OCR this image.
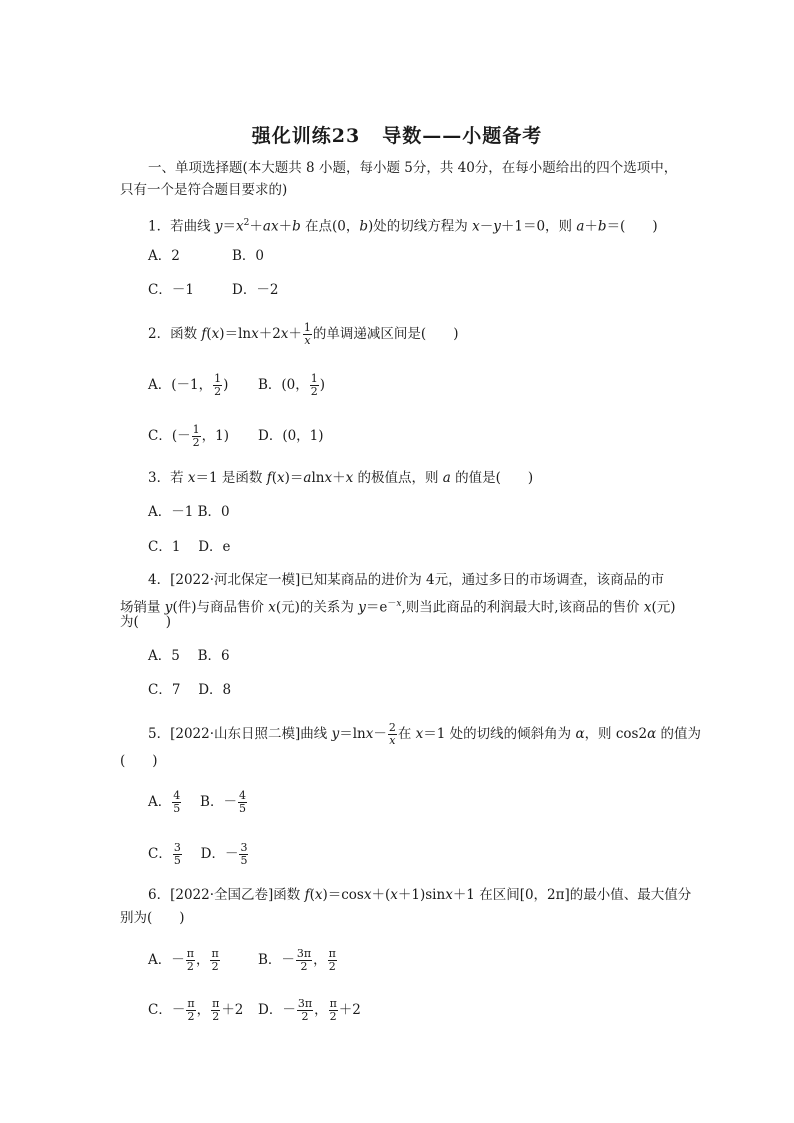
强化训练23 导数——小题备考
一、单项选择题(本大题共 8 小题，每小题 5分，共 40分，在每小题给出的四个选项中，
只有一个是符合题目要求的)
1．若曲线 $y=x^2+ax+b$ 在点(0，b)处的切线方程为 x－y＋1＝0，则 a＋b＝(　　)
A．2	B．0
C．－1	D．－2
2．函数 $f(x)=\ln x+2x+ \frac{1}{x}$ 的单调递减区间是(　　)
A．(－1， $\frac{1}{2}$ ) B．(0， $\frac{1}{2}$ )
C．(－ $\frac{1}{2}$ ，1) D．(0，1)
3．若 x＝1 是函数 f(x)＝alnx＋x 的极值点，则 a 的值是(　　)
A．－1 B．0
C．1　 D．e
4．[2022·河北保定一模]已知某商品的进价为 4元，通过多日的市场调查，该商品的市
场销量 y(件)与商品售价 x(元)的关系为 $y=e^{-x}$,则当此商品的利润最大时,该商品的售价 x(元)
为(　　)
A．5　 B．6
C．7　 D．8
5．[2022·山东日照二模]曲线 $y=\ln x- \frac{2}{x}$ 在 x＝1 处的切线的倾斜角为 α，则 cos2α 的值为
(　　)
A． $\frac{4}{5}$
　 B．－ $\frac{4}{5}$
C． $\frac{3}{5}$
　 D．－ $\frac{3}{5}$
6．[2022·全国乙卷]函数 f(x)＝cosx＋(x＋1)sinx＋1 在区间[0，2π]的最小值、最大值分
别为(　　)
A．－ $\frac{\pi}{2}$ ， $\frac{\pi}{2}$	B．－ $\frac{3\pi}{2}$ ， $\frac{\pi}{2}$
C．－ $\frac{\pi}{2}$ ， $\frac{\pi}{2} +2$ D．－ $\frac{3\pi}{2}$ ， $\frac{\pi}{2} +2$
